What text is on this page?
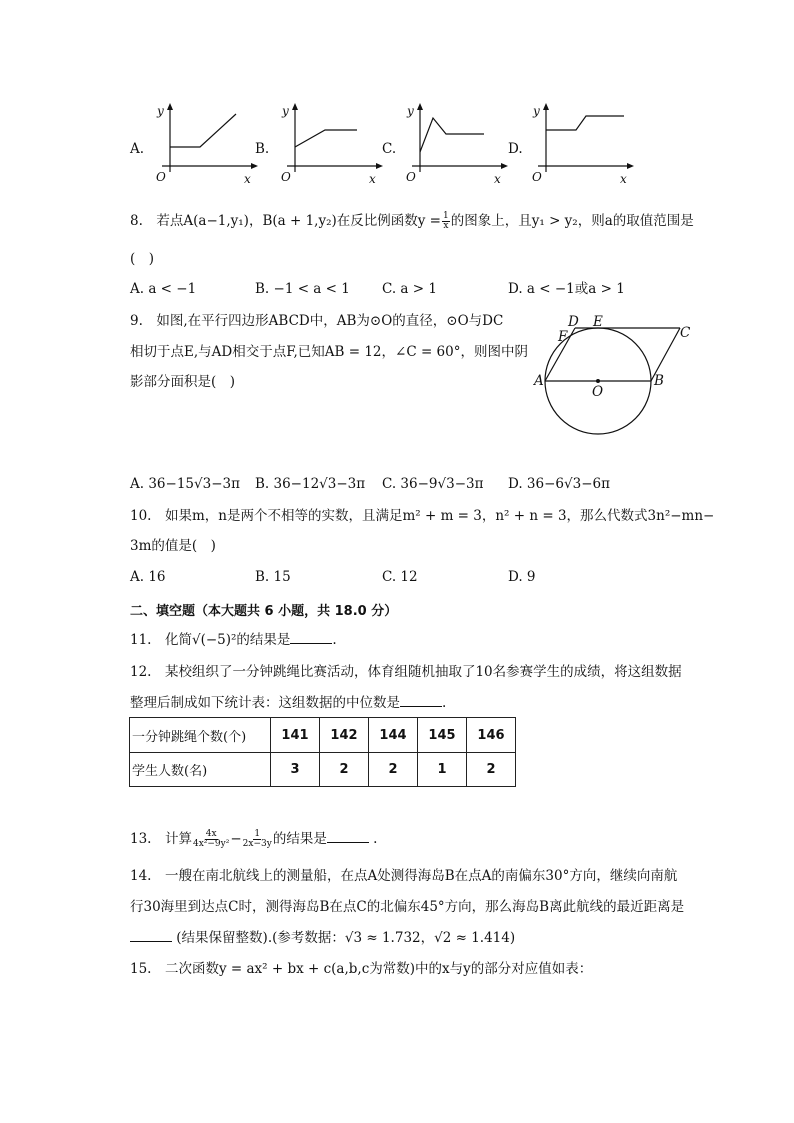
A.
y
O	x
B.
y
O	x
C.
y
O	x
D.
y
O	x
8.　若点A(a−1,y₁)，B(a + 1,y₂)在反比例函数$y = \frac{1}{x}$ 的图象上，且y₁ > y₂，则a的取值范围是
(　)
A. a < −1	B. −1 < a < 1 C. a > 1	D. a < −1或a > 1
9.　如图,在平行四边形ABCD中，AB为⊙O的直径，⊙O与DC
相切于点E,与AD相交于点F,已知AB = 12，∠C = 60°，则图中阴
影部分面积是(　)
D E
C
F
A	B
O
A. 36−15√3−3π B. 36−12√3−3π C. 36−9√3−3π D. 36−6√3−6π
10.　如果m，n是两个不相等的实数，且满足m² + m = 3，n² + n = 3，那么代数式3n²−mn−
3m的值是(　)
A. 16	B. 15	C. 12	D. 9
二、填空题（本大题共 6 小题，共 18.0 分）
11.　化简√(−5)²的结果是	.
12.　某校组织了一分钟跳绳比赛活动，体育组随机抽取了10名参赛学生的成绩，将这组数据
整理后制成如下统计表：这组数据的中位数是	.
一分钟跳绳个数(个)	141	142	144	145	146
学生人数(名)	3	2	2	1	2
13.　计算 $\frac{4x}{\text{4x²−9y²}} - \frac{1}{2x-3y}$ 的结果是	.
14.　一艘在南北航线上的测量船，在点A处测得海岛B在点A的南偏东30°方向，继续向南航
行30海里到达点C时，测得海岛B在点C的北偏东45°方向，那么海岛B离此航线的最近距离是
(结果保留整数).(参考数据：√3 ≈ 1.732，√2 ≈ 1.414)
15.　二次函数y = ax² + bx + c(a,b,c为常数)中的x与y的部分对应值如表：
